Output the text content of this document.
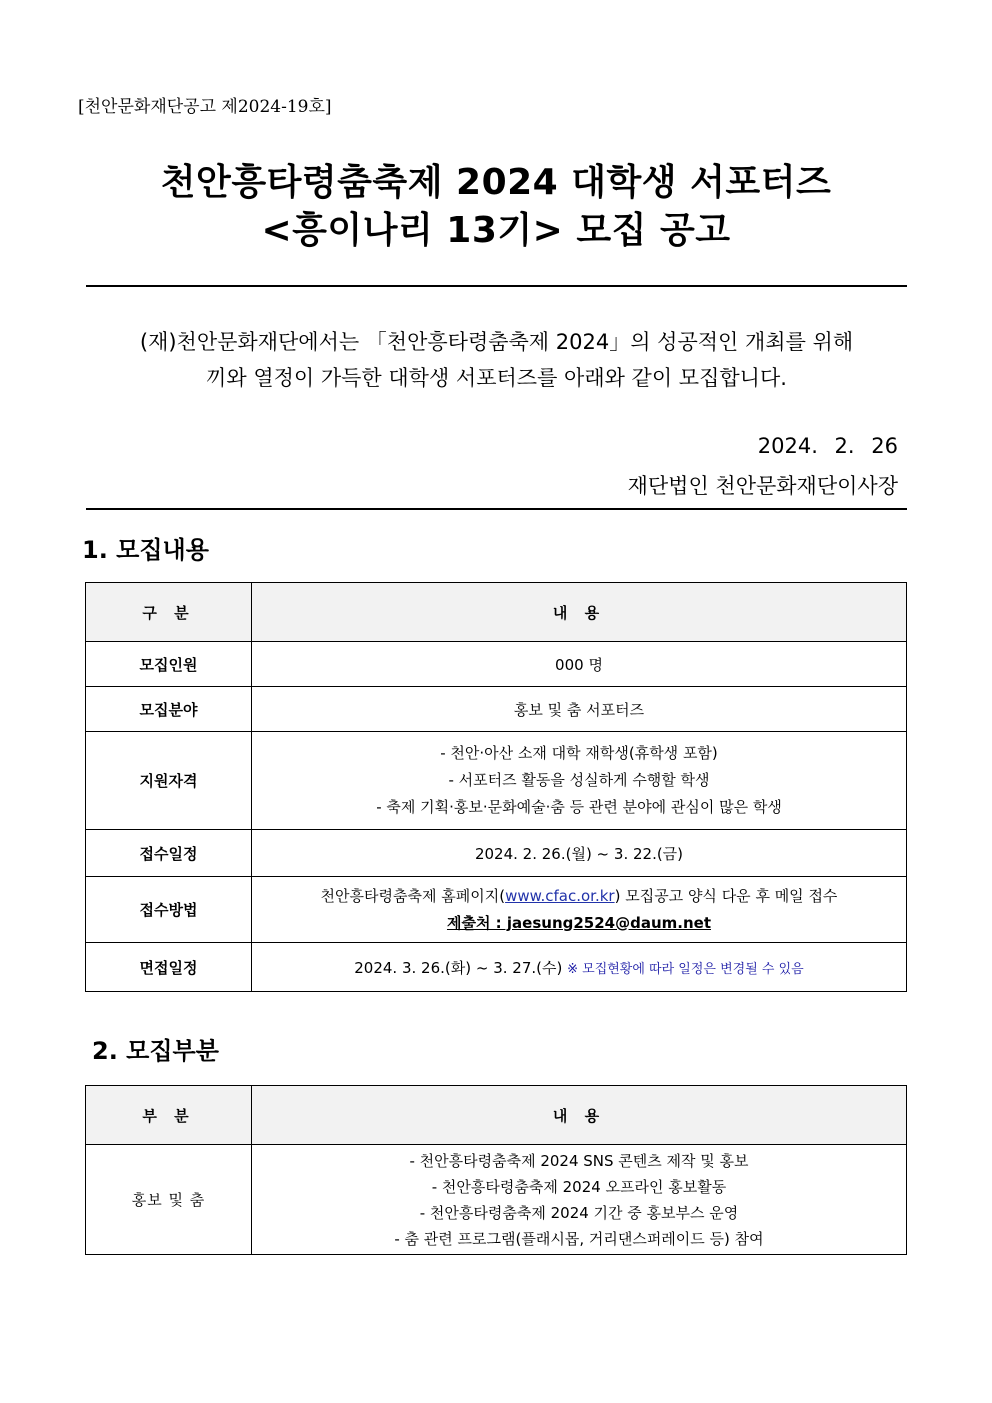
[천안문화재단공고 제2024-19호]
천안흥타령춤축제 2024 대학생 서포터즈
<흥이나리 13기> 모집 공고
(재)천안문화재단에서는 「천안흥타령춤축제 2024」의 성공적인 개최를 위해
끼와 열정이 가득한 대학생 서포터즈를 아래와 같이 모집합니다.
2024. 2. 26
재단법인 천안문화재단이사장
1. 모집내용
구 분	내 용
모집인원	000 명
모집분야	홍보 및 춤 서포터즈
지원자격	- 천안·아산 소재 대학 재학생(휴학생 포함)
- 서포터즈 활동을 성실하게 수행할 학생
- 축제 기획·홍보·문화예술·춤 등 관련 분야에 관심이 많은 학생

접수일정	2024. 2. 26.(월) ~ 3. 22.(금)
접수방법	천안흥타령춤축제 홈페이지(www.cfac.or.kr) 모집공고 양식 다운 후 메일 접수
제출처 : jaesung2524@daum.net

면접일정	2024. 3. 26.(화) ~ 3. 27.(수) ※ 모집현황에 따라 일정은 변경될 수 있음
2. 모집부분
부 분	내 용
홍보 및 춤	- 천안흥타령춤축제 2024 SNS 콘텐츠 제작 및 홍보
- 천안흥타령춤축제 2024 오프라인 홍보활동
- 천안흥타령춤축제 2024 기간 중 홍보부스 운영
- 춤 관련 프로그램(플래시몹, 거리댄스퍼레이드 등) 참여
